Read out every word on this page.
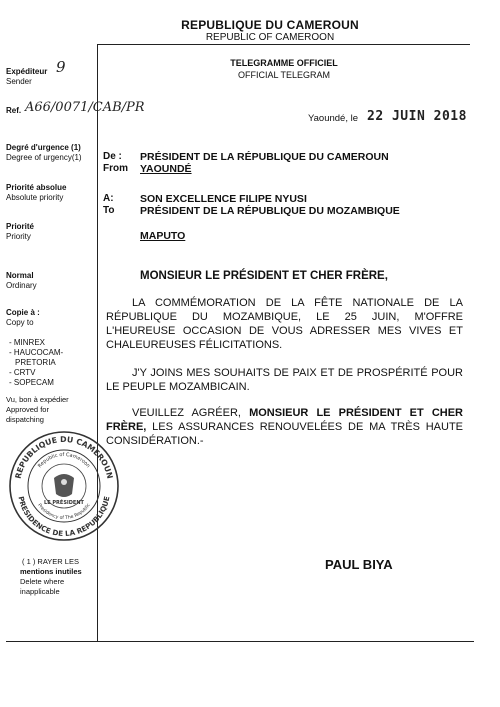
REPUBLIQUE DU CAMEROUN
REPUBLIC OF CAMEROON
TELEGRAMME OFFICIEL
OFFICIAL TELEGRAM
Expéditeur
Sender
9
Ref. A66/0071/CAB/PR
Degré d'urgence (1)
Degree of urgency(1)
Priorité absolue
Absolute priority
Priorité
Priority
Normal
Ordinary
Copie à :
Copy to
- MINREX
- HAUCOCAM-
PRETORIA
- CRTV
- SOPECAM
Vu, bon à expédier
Approved for
dispatching
REPUBLIQUE DU CAMEROUN
PRESIDENCE DE LA REPUBLIQUE
Republic of Cameroon
Presidency of The Republic
LE PRÉSIDENT
( 1 ) RAYER LES
mentions inutiles
Delete where
inapplicable
Yaoundé, le 22 JUIN 2018
De :
From
PRÉSIDENT DE LA RÉPUBLIQUE DU CAMEROUN
YAOUNDÉ
A:
To
SON EXCELLENCE FILIPE NYUSI
PRÉSIDENT DE LA RÉPUBLIQUE DU MOZAMBIQUE
MAPUTO
MONSIEUR LE PRÉSIDENT ET CHER FRÈRE,
LA COMMÉMORATION DE LA FÊTE NATIONALE DE LA RÉPUBLIQUE DU MOZAMBIQUE, LE 25 JUIN, M'OFFRE L'HEUREUSE OCCASION DE VOUS ADRESSER MES VIVES ET CHALEUREUSES FÉLICITATIONS.
J'Y JOINS MES SOUHAITS DE PAIX ET DE PROSPÉRITÉ POUR LE PEUPLE MOZAMBICAIN.
VEUILLEZ AGRÉER, MONSIEUR LE PRÉSIDENT ET CHER FRÈRE, LES ASSURANCES RENOUVELÉES DE MA TRÈS HAUTE CONSIDÉRATION.-
PAUL BIYA
